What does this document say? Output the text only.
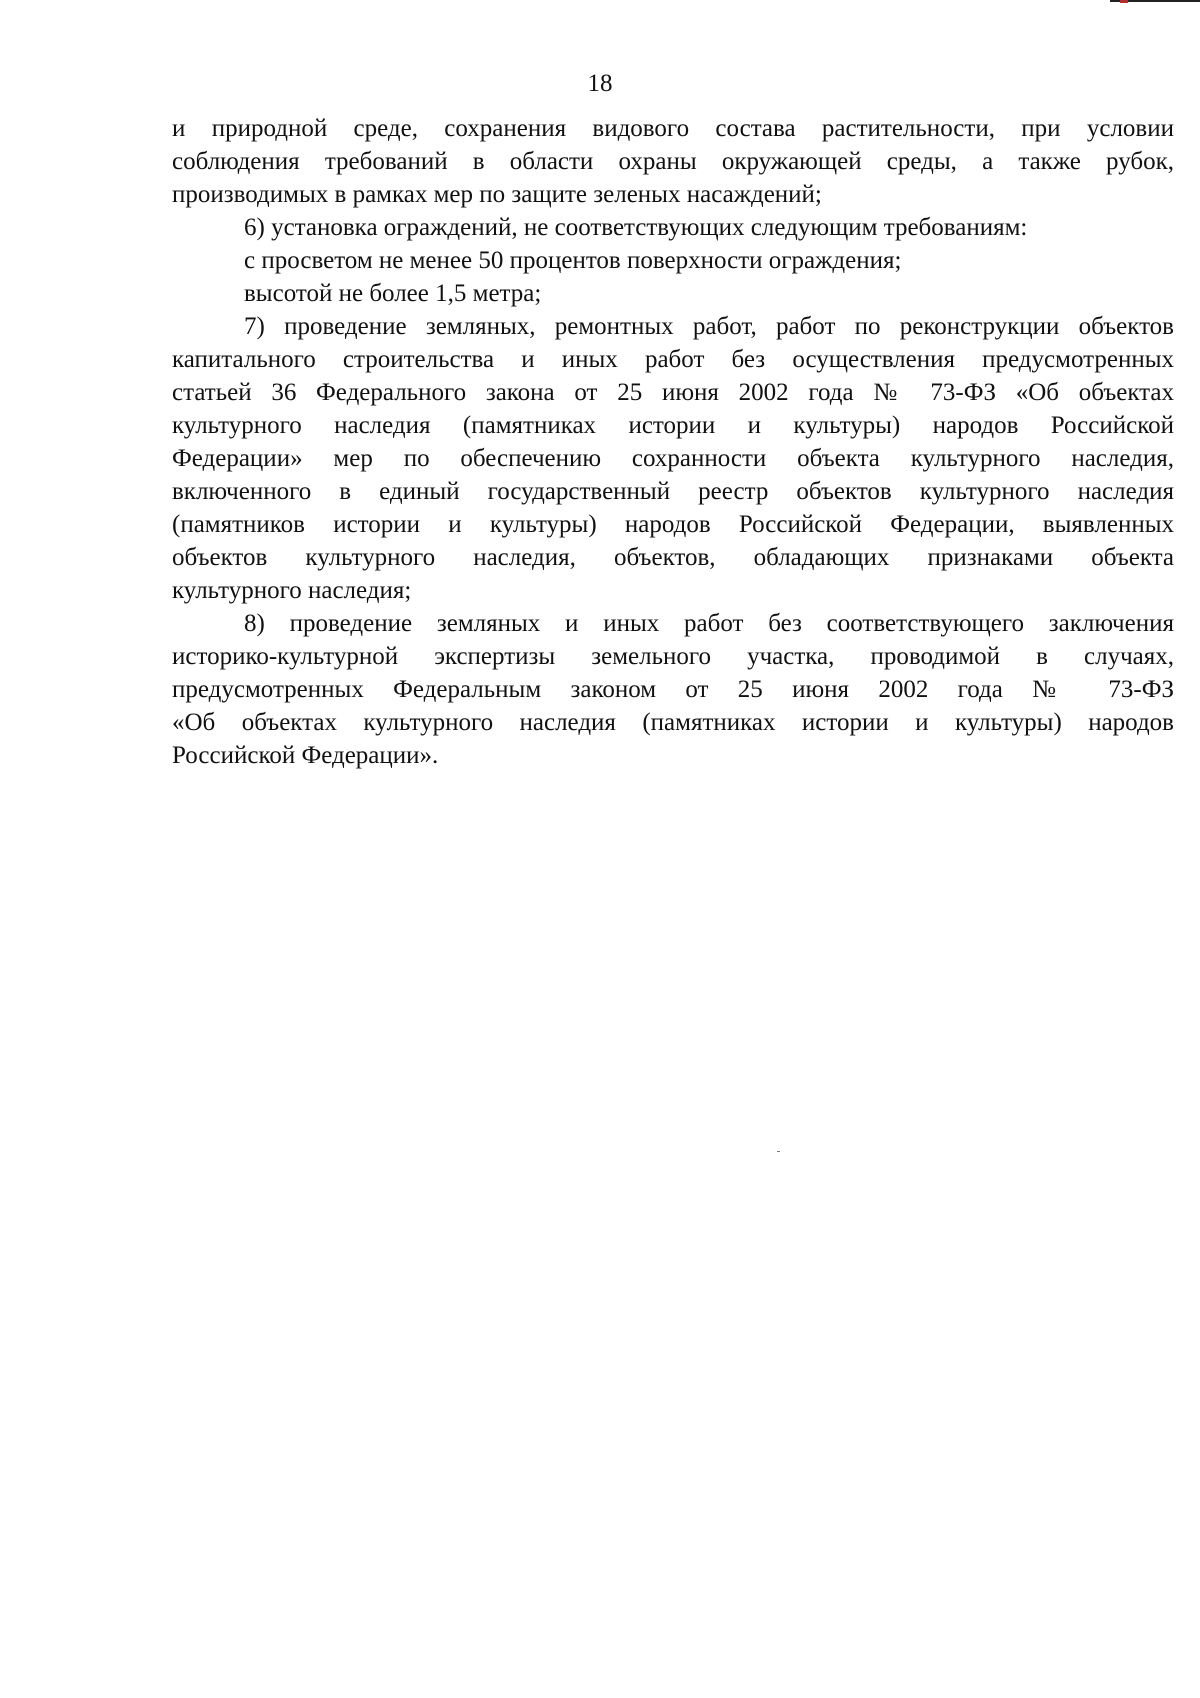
18
и природной среде, сохранения видового состава растительности, при условии
соблюдения требований в области охраны окружающей среды, а также рубок,
производимых в рамках мер по защите зеленых насаждений;
6) установка ограждений, не соответствующих следующим требованиям:
с просветом не менее 50 процентов поверхности ограждения;
высотой не более 1,5 метра;
7) проведение земляных, ремонтных работ, работ по реконструкции объектов
капитального строительства и иных работ без осуществления предусмотренных
статьей 36 Федерального закона от 25 июня 2002 года № 73-ФЗ «Об объектах
культурного наследия (памятниках истории и культуры) народов Российской
Федерации» мер по обеспечению сохранности объекта культурного наследия,
включенного в единый государственный реестр объектов культурного наследия
(памятников истории и культуры) народов Российской Федерации, выявленных
объектов культурного наследия, объектов, обладающих признаками объекта
культурного наследия;
8) проведение земляных и иных работ без соответствующего заключения
историко-культурной экспертизы земельного участка, проводимой в случаях,
предусмотренных Федеральным законом от 25 июня 2002 года № 73-ФЗ
«Об объектах культурного наследия (памятниках истории и культуры) народов
Российской Федерации».
